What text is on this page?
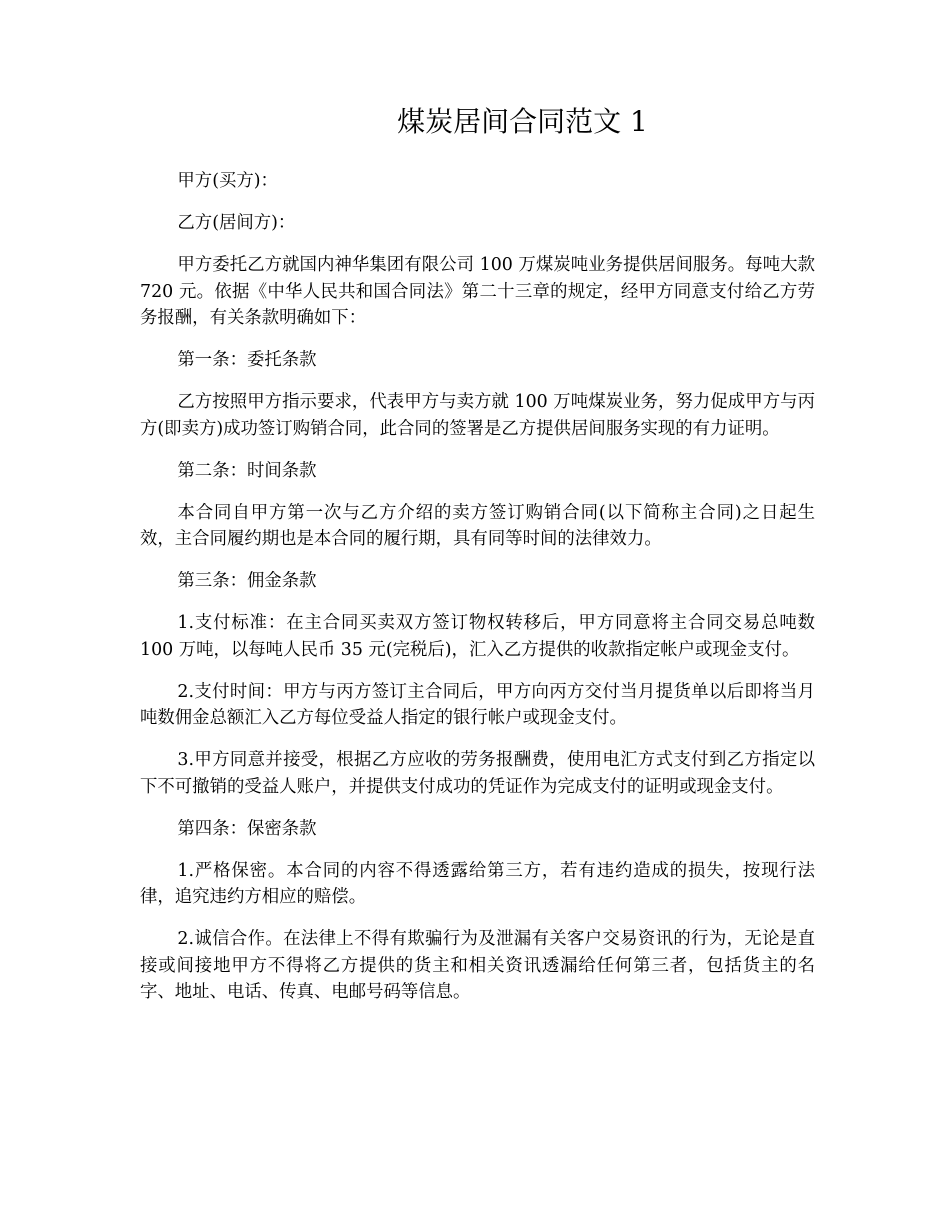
煤炭居间合同范文 1

甲方(买方)：

乙方(居间方)：

甲方委托乙方就国内神华集团有限公司 100 万煤炭吨业务提供居间服务。每吨大款 720 元。依据《中华人民共和国合同法》第二十三章的规定，经甲方同意支付给乙方劳务报酬，有关条款明确如下：

第一条：委托条款

乙方按照甲方指示要求，代表甲方与卖方就 100 万吨煤炭业务，努力促成甲方与丙方(即卖方)成功签订购销合同，此合同的签署是乙方提供居间服务实现的有力证明。

第二条：时间条款

本合同自甲方第一次与乙方介绍的卖方签订购销合同(以下简称主合同)之日起生效，主合同履约期也是本合同的履行期，具有同等时间的法律效力。

第三条：佣金条款

1.支付标准：在主合同买卖双方签订物权转移后，甲方同意将主合同交易总吨数 100 万吨，以每吨人民币 35 元(完税后)，汇入乙方提供的收款指定帐户或现金支付。

2.支付时间：甲方与丙方签订主合同后，甲方向丙方交付当月提货单以后即将当月吨数佣金总额汇入乙方每位受益人指定的银行帐户或现金支付。

3.甲方同意并接受，根据乙方应收的劳务报酬费，使用电汇方式支付到乙方指定以下不可撤销的受益人账户，并提供支付成功的凭证作为完成支付的证明或现金支付。

第四条：保密条款

1.严格保密。本合同的内容不得透露给第三方，若有违约造成的损失，按现行法律，追究违约方相应的赔偿。

2.诚信合作。在法律上不得有欺骗行为及泄漏有关客户交易资讯的行为，无论是直接或间接地甲方不得将乙方提供的货主和相关资讯透漏给任何第三者，包括货主的名字、地址、电话、传真、电邮号码等信息。
